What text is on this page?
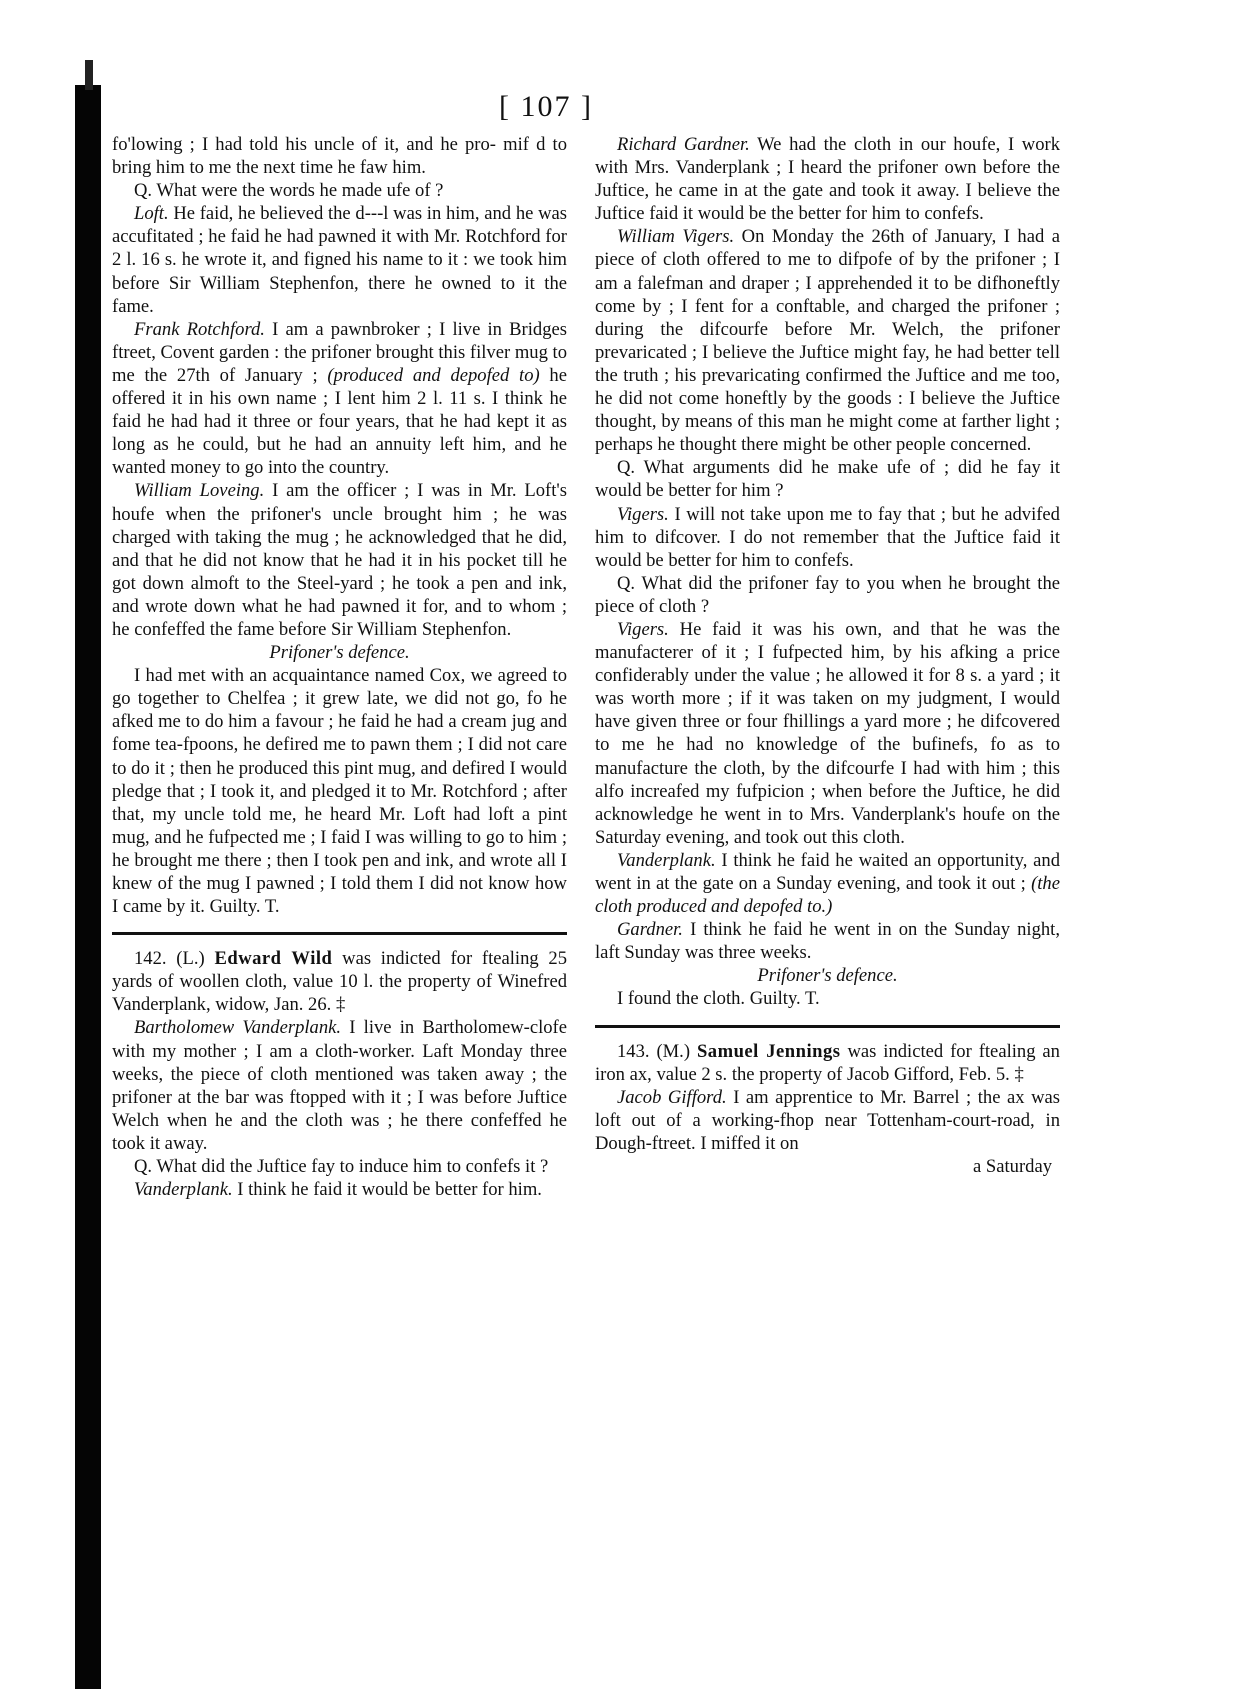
[ 107 ]

fo'lowing ; I had told his uncle of it, and he pro- mif d to bring him to me the next time he faw him.

Q. What were the words he made ufe of ?

Loft. He faid, he believed the d---l was in him, and he was accufitated ; he faid he had pawned it with Mr. Rotchford for 2 l. 16 s. he wrote it, and figned his name to it : we took him before Sir William Stephenfon, there he owned to it the fame.

Frank Rotchford. I am a pawnbroker ; I live in Bridges ftreet, Covent garden : the prifoner brought this filver mug to me the 27th of January ; (produced and depofed to) he offered it in his own name ; I lent him 2 l. 11 s. I think he faid he had had it three or four years, that he had kept it as long as he could, but he had an annuity left him, and he wanted money to go into the country.

William Loveing. I am the officer ; I was in Mr. Loft's houfe when the prifoner's uncle brought him ; he was charged with taking the mug ; he acknowledged that he did, and that he did not know that he had it in his pocket till he got down almoft to the Steel-yard ; he took a pen and ink, and wrote down what he had pawned it for, and to whom ; he confeffed the fame before Sir William Stephenfon.

Prifoner's defence.

I had met with an acquaintance named Cox, we agreed to go together to Chelfea ; it grew late, we did not go, fo he afked me to do him a favour ; he faid he had a cream jug and fome tea-fpoons, he defired me to pawn them ; I did not care to do it ; then he produced this pint mug, and defired I would pledge that ; I took it, and pledged it to Mr. Rotchford ; after that, my uncle told me, he heard Mr. Loft had loft a pint mug, and he fufpected me ; I faid I was willing to go to him ; he brought me there ; then I took pen and ink, and wrote all I knew of the mug I pawned ; I told them I did not know how I came by it. Guilty. T.

142. (L.) Edward Wild was indicted for ftealing 25 yards of woollen cloth, value 10 l. the property of Winefred Vanderplank, widow, Jan. 26. ‡

Bartholomew Vanderplank. I live in Bartholomew-clofe with my mother ; I am a cloth-worker. Laft Monday three weeks, the piece of cloth mentioned was taken away ; the prifoner at the bar was ftopped with it ; I was before Juftice Welch when he and the cloth was ; he there confeffed he took it away.

Q. What did the Juftice fay to induce him to confefs it ?

Vanderplank. I think he faid it would be better for him.

Richard Gardner. We had the cloth in our houfe, I work with Mrs. Vanderplank ; I heard the prifoner own before the Juftice, he came in at the gate and took it away. I believe the Juftice faid it would be the better for him to confefs.

William Vigers. On Monday the 26th of January, I had a piece of cloth offered to me to difpofe of by the prifoner ; I am a falefman and draper ; I apprehended it to be difhoneftly come by ; I fent for a conftable, and charged the prifoner ; during the difcourfe before Mr. Welch, the prifoner prevaricated ; I believe the Juftice might fay, he had better tell the truth ; his prevaricating confirmed the Juftice and me too, he did not come honeftly by the goods : I believe the Juftice thought, by means of this man he might come at farther light ; perhaps he thought there might be other people concerned.

Q. What arguments did he make ufe of ; did he fay it would be better for him ?

Vigers. I will not take upon me to fay that ; but he advifed him to difcover. I do not remember that the Juftice faid it would be better for him to confefs.

Q. What did the prifoner fay to you when he brought the piece of cloth ?

Vigers. He faid it was his own, and that he was the manufacterer of it ; I fufpected him, by his afking a price confiderably under the value ; he allowed it for 8 s. a yard ; it was worth more ; if it was taken on my judgment, I would have given three or four fhillings a yard more ; he difcovered to me he had no knowledge of the bufinefs, fo as to manufacture the cloth, by the difcourfe I had with him ; this alfo increafed my fufpicion ; when before the Juftice, he did acknowledge he went in to Mrs. Vanderplank's houfe on the Saturday evening, and took out this cloth.

Vanderplank. I think he faid he waited an opportunity, and went in at the gate on a Sunday evening, and took it out ; (the cloth produced and depofed to.)

Gardner. I think he faid he went in on the Sunday night, laft Sunday was three weeks.

Prifoner's defence.

I found the cloth. Guilty. T.

143. (M.) Samuel Jennings was indicted for ftealing an iron ax, value 2 s. the property of Jacob Gifford, Feb. 5. ‡

Jacob Gifford. I am apprentice to Mr. Barrel ; the ax was loft out of a working-fhop near Tottenham-court-road, in Dough-ftreet. I miffed it on

a Saturday
